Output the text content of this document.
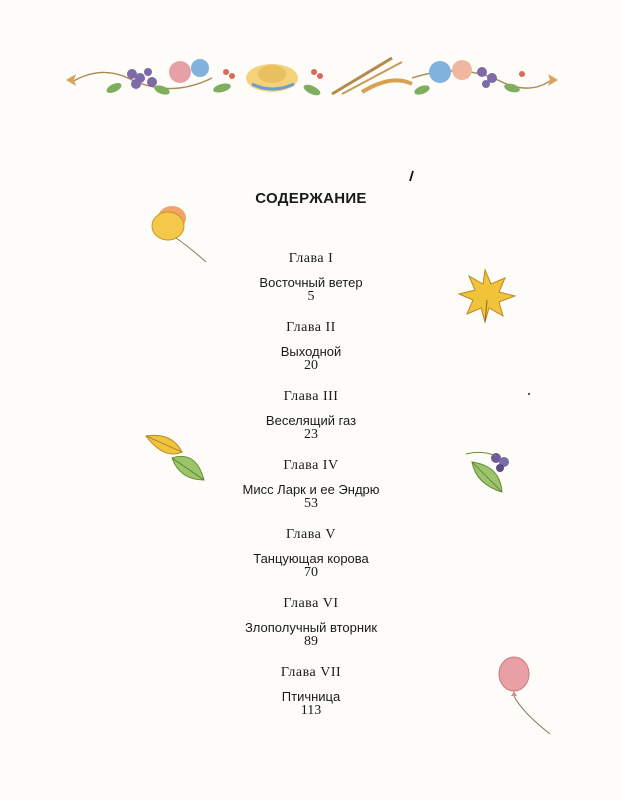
СОДЕРЖАНИЕ
Глава I
Восточный ветер
5
Глава II
Выходной
20
Глава III
Веселящий газ
23
Глава IV
Мисс Ларк и ее Эндрю
53
Глава V
Танцующая корова
70
Глава VI
Злополучный вторник
89
Глава VII
Птичница
113
